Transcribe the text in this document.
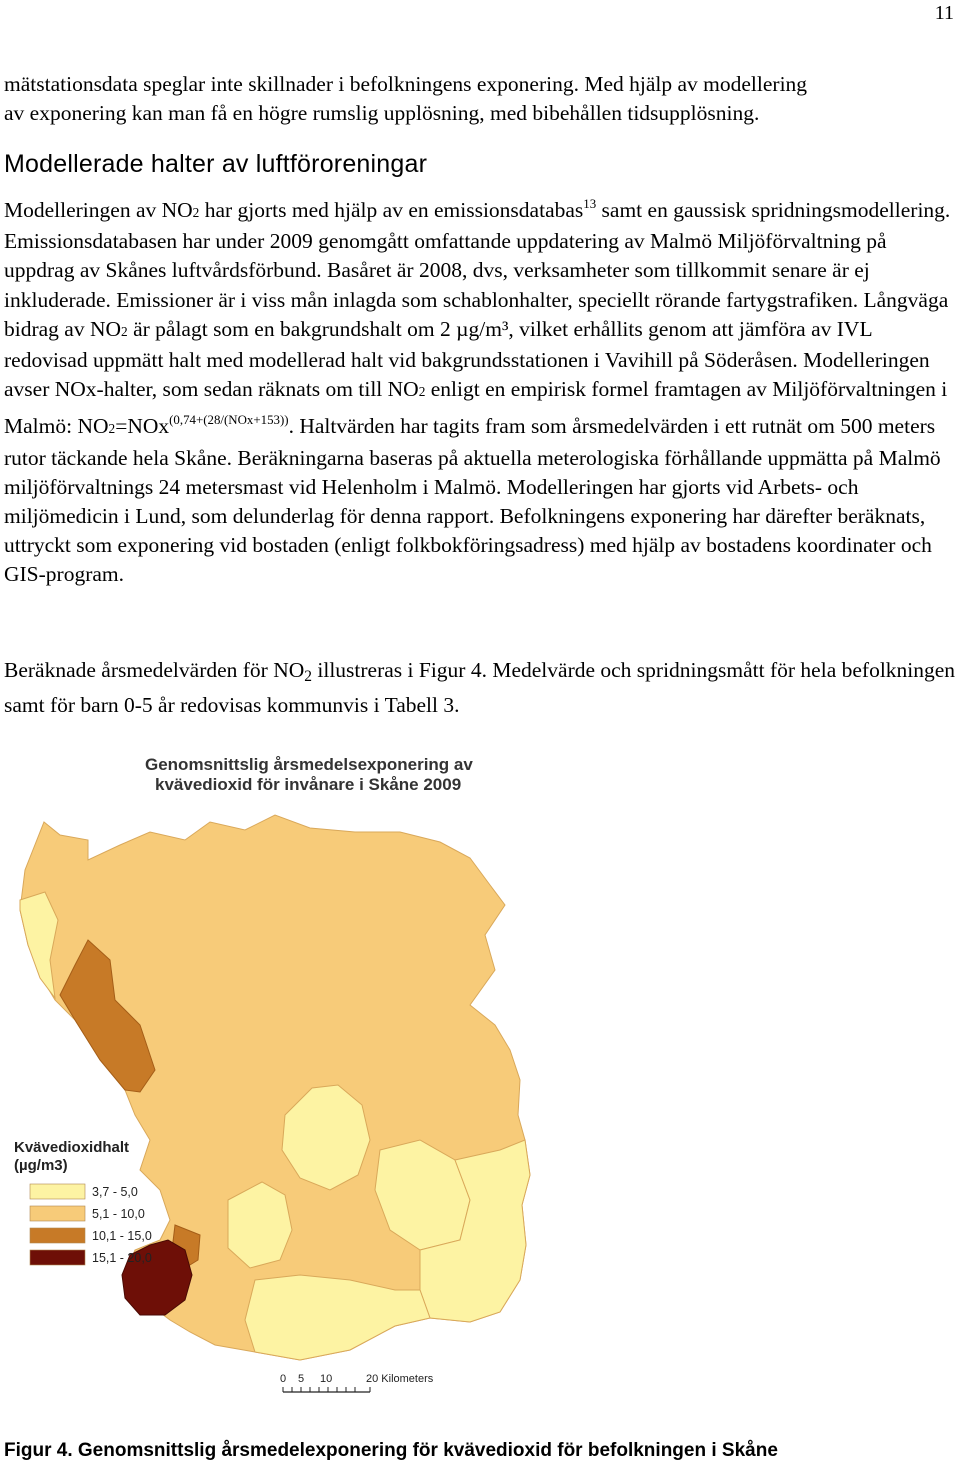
11
mätstationsdata speglar inte skillnader i befolkningens exponering. Med hjälp av modellering
av exponering kan man få en högre rumslig upplösning, med bibehållen tidsupplösning.
Modellerade halter av luftföroreningar
Modelleringen av NO2 har gjorts med hjälp av en emissionsdatabas$^{13}$ samt en gaussisk spridningsmodellering. Emissionsdatabasen har under 2009 genomgått omfattande uppdatering av Malmö Miljöförvaltning på uppdrag av Skånes luftvårdsförbund. Basåret är 2008, dvs, verksamheter som tillkommit senare är ej inkluderade. Emissioner är i viss mån inlagda som schablonhalter, speciellt rörande fartygstrafiken. Långväga bidrag av NO2 är pålagt som en bakgrundshalt om 2 µg/m³, vilket erhållits genom att jämföra av IVL redovisad uppmätt halt med modellerad halt vid bakgrundsstationen i Vavihill på Söderåsen. Modelleringen avser NOx-halter, som sedan räknats om till NO2 enligt en empirisk formel framtagen av Miljöförvaltningen i Malmö: NO2=NOx$^{(0,74+(28/(NOx+153))}$. Haltvärden har tagits fram som årsmedelvärden i ett rutnät om 500 meters rutor täckande hela Skåne. Beräkningarna baseras på aktuella meterologiska förhållande uppmätta på Malmö miljöförvaltnings 24 metersmast vid Helenholm i Malmö. Modelleringen har gjorts vid Arbets- och miljömedicin i Lund, som delunderlag för denna rapport. Befolkningens exponering har därefter beräknats, uttryckt som exponering vid bostaden (enligt folkbokföringsadress) med hjälp av bostadens koordinater och GIS-program.
Beräknade årsmedelvärden för NO2 illustreras i Figur 4. Medelvärde och spridningsmått för hela befolkningen samt för barn 0-5 år redovisas kommunvis i Tabell 3.
Genomsnittslig årsmedelsexponering av
kvävedioxid för invånare i Skåne 2009
Kvävedioxidhalt
(µg/m3)
3,7 - 5,0
5,1 - 10,0
10,1 - 15,0
15,1 - 20,0
0 5 10	20 Kilometers
Figur 4. Genomsnittslig årsmedelexponering för kvävedioxid för befolkningen i Skåne
